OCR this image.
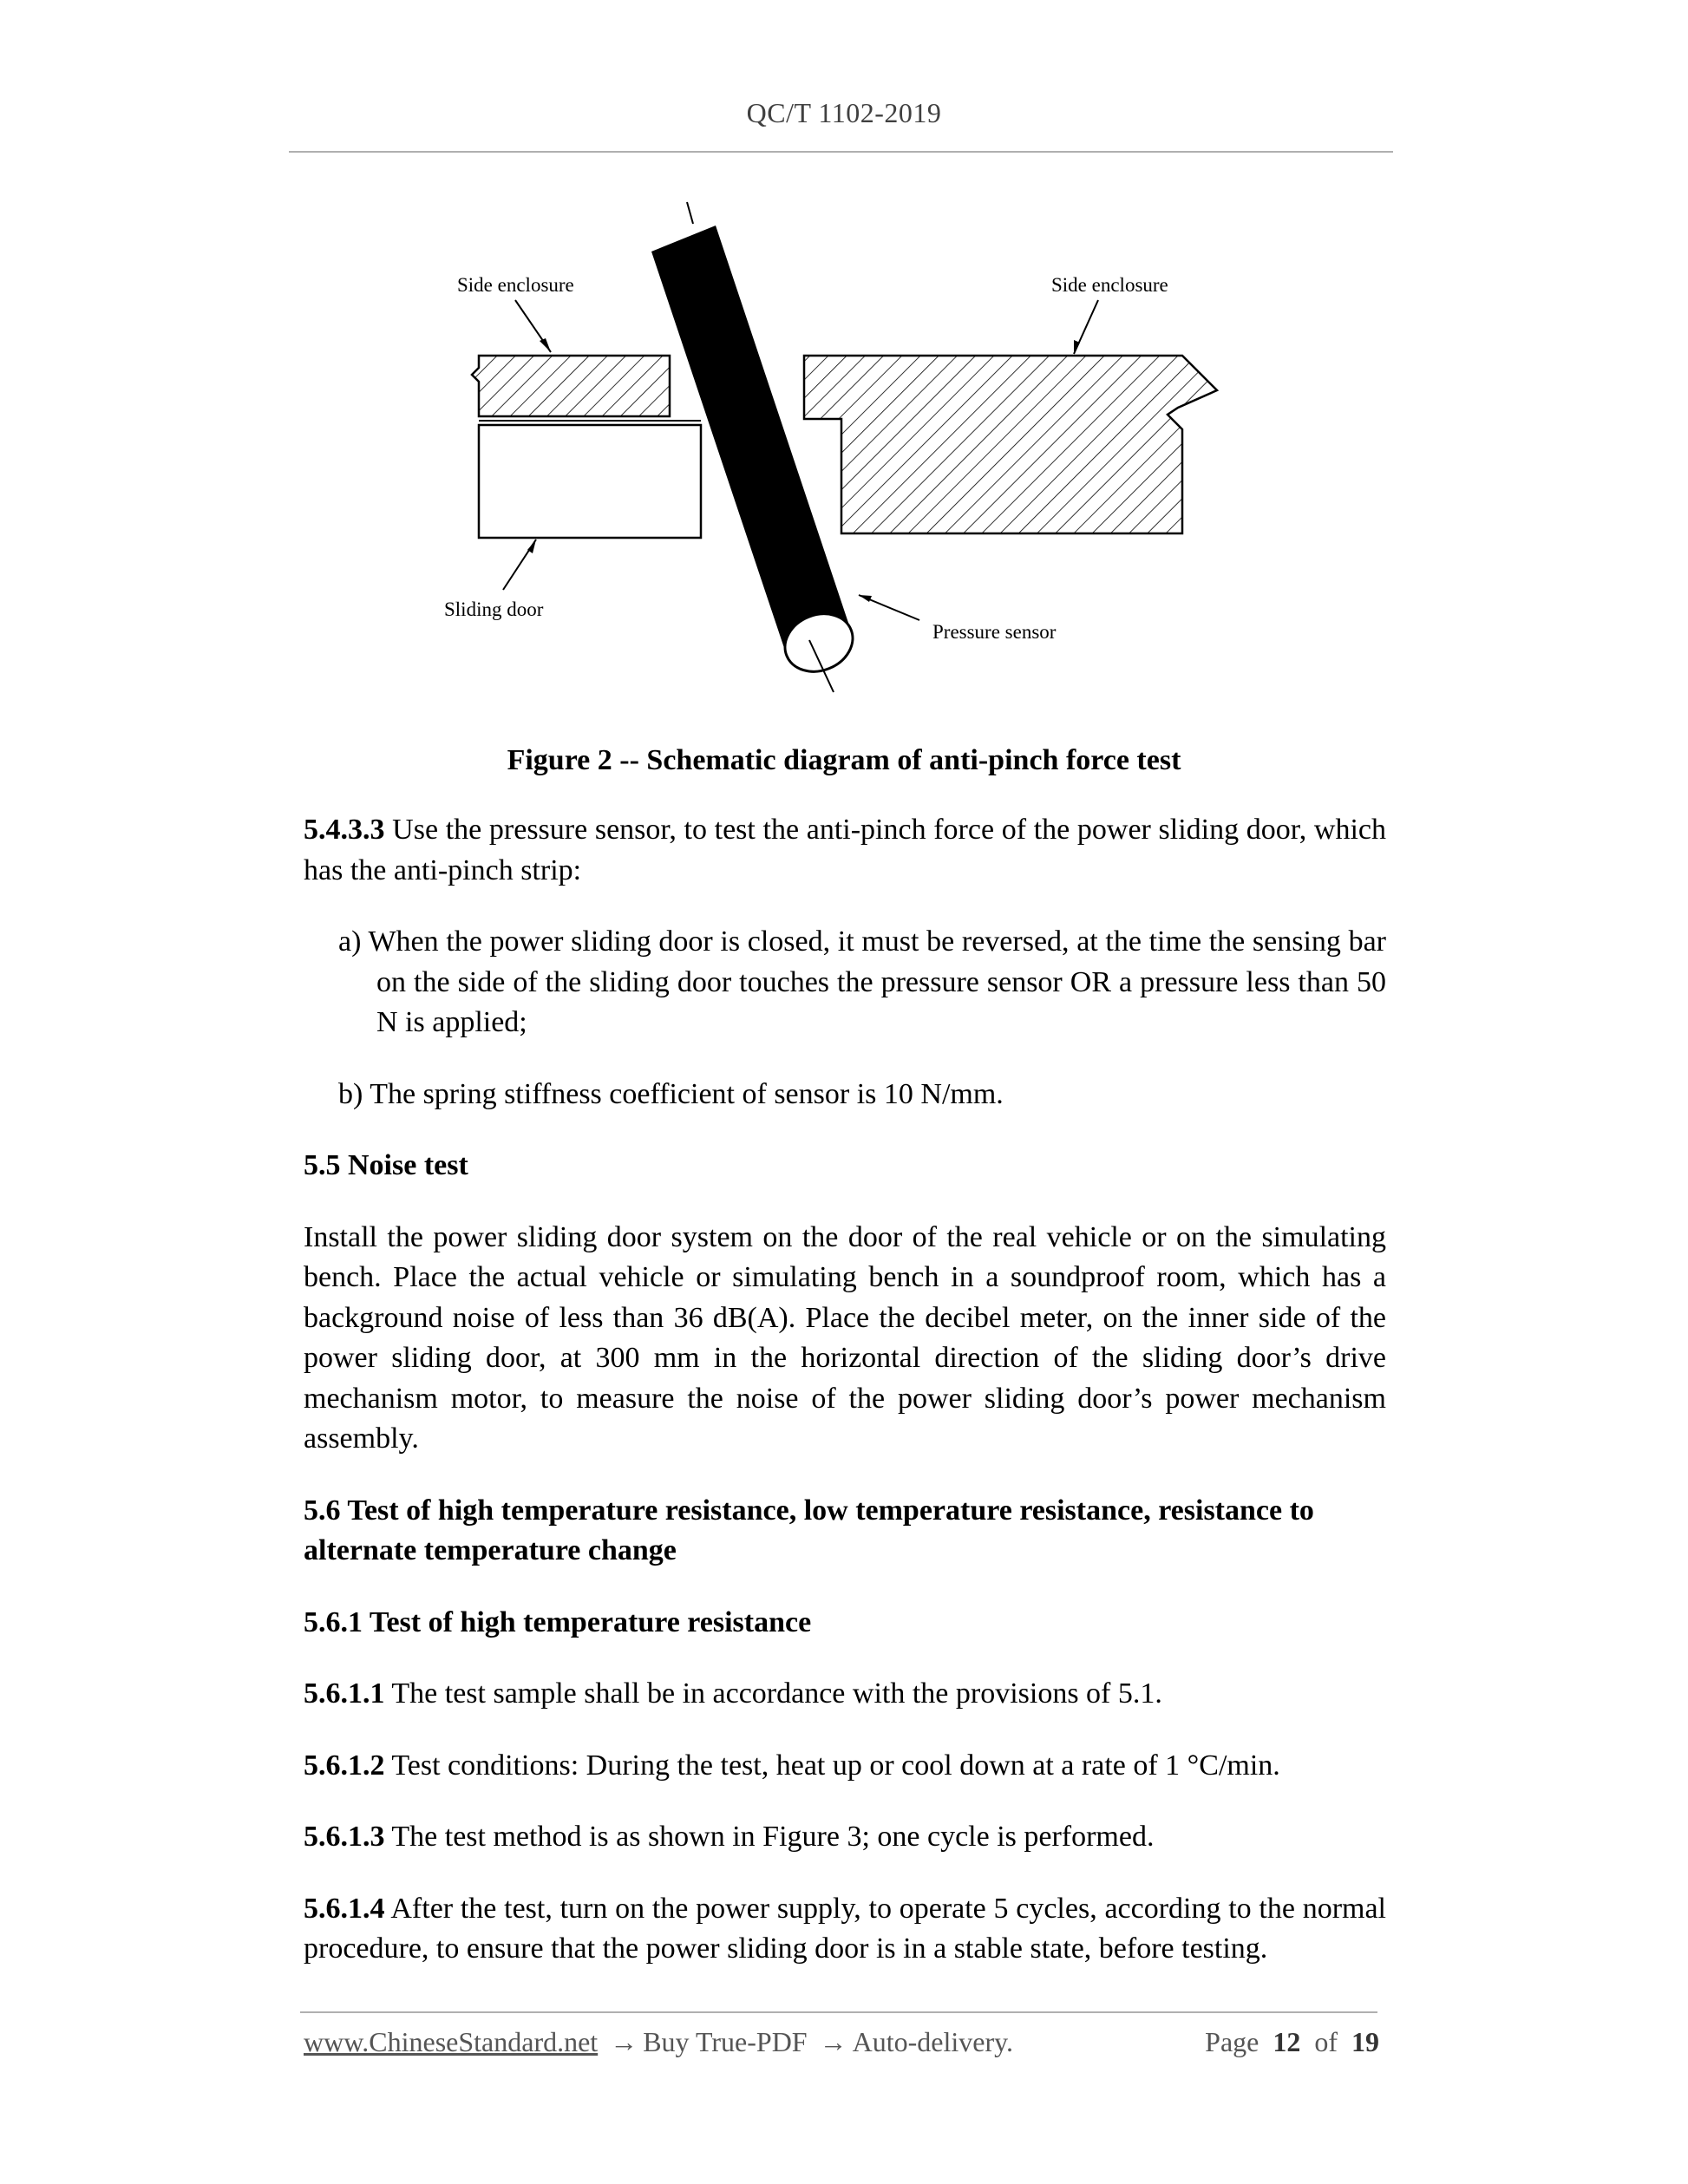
QC/T 1102-2019
Side enclosure	Side enclosure
Sliding door
Pressure sensor
Figure 2 -- Schematic diagram of anti-pinch force test

5.4.3.3 Use the pressure sensor, to test the anti-pinch force of the power sliding door, which has the anti-pinch strip:

a) When the power sliding door is closed, it must be reversed, at the time the sensing bar on the side of the sliding door touches the pressure sensor OR a pressure less than 50 N is applied;

b) The spring stiffness coefficient of sensor is 10 N/mm.

5.5 Noise test

Install the power sliding door system on the door of the real vehicle or on the simulating bench. Place the actual vehicle or simulating bench in a soundproof room, which has a background noise of less than 36 dB(A). Place the decibel meter, on the inner side of the power sliding door, at 300 mm in the horizontal direction of the sliding door’s drive mechanism motor, to measure the noise of the power sliding door’s power mechanism assembly.

5.6 Test of high temperature resistance, low temperature resistance, resistance to alternate temperature change

5.6.1 Test of high temperature resistance

5.6.1.1 The test sample shall be in accordance with the provisions of 5.1.

5.6.1.2 Test conditions: During the test, heat up or cool down at a rate of 1 °C/min.

5.6.1.3 The test method is as shown in Figure 3; one cycle is performed.

5.6.1.4 After the test, turn on the power supply, to operate 5 cycles, according to the normal procedure, to ensure that the power sliding door is in a stable state, before testing.

www.ChineseStandard.net → Buy True-PDF → Auto-delivery.	Page 12 of 19
